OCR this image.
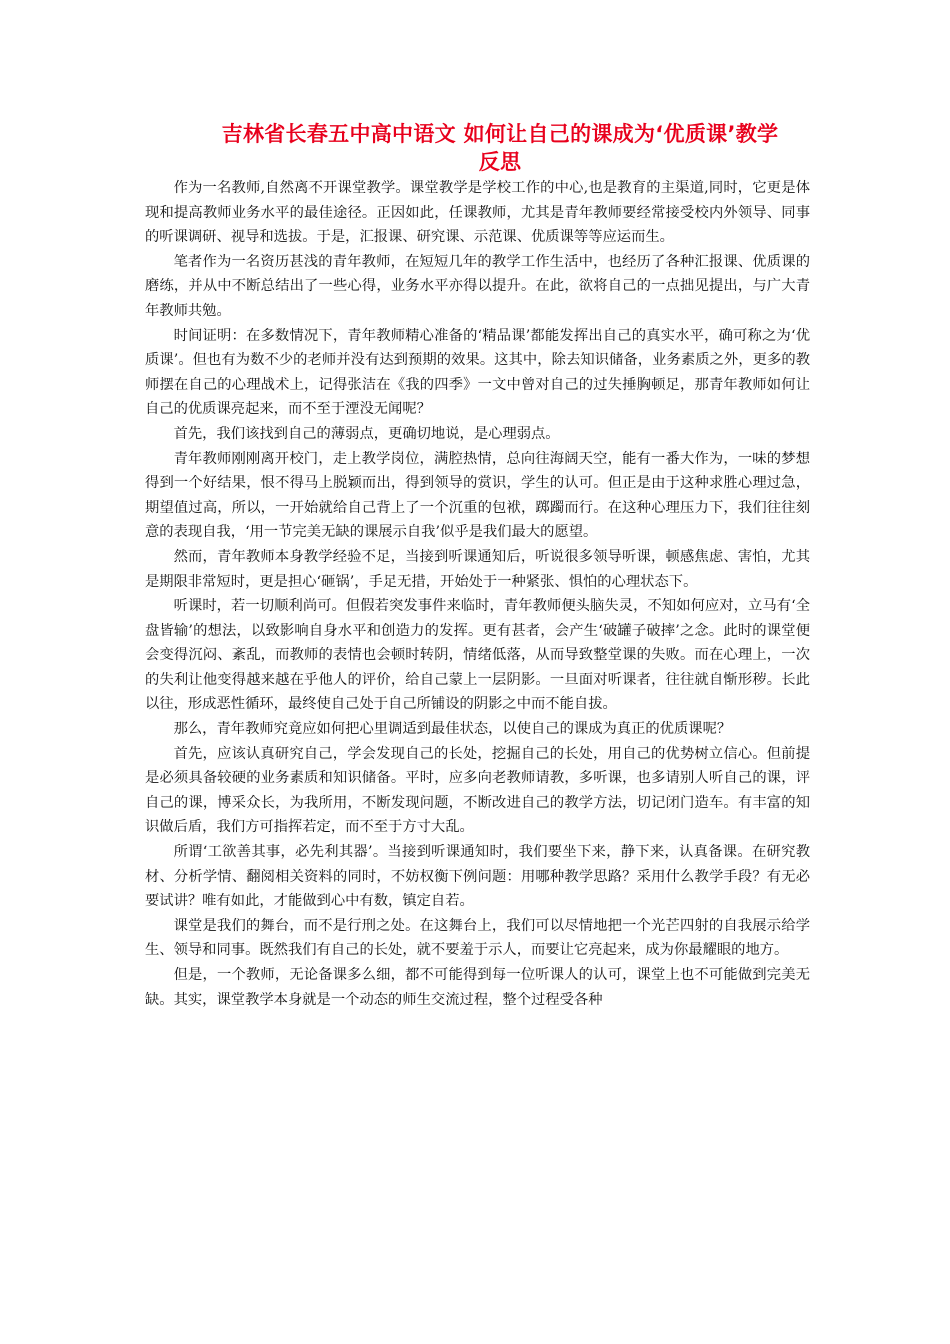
吉林省长春五中高中语文 如何让自己的课成为‘优质课’教学
反思

作为一名教师,自然离不开课堂教学。课堂教学是学校工作的中心,也是教育的主渠道,同时，它更是体现和提高教师业务水平的最佳途径。正因如此，任课教师，尤其是青年教师要经常接受校内外领导、同事的听课调研、视导和选拔。于是，汇报课、研究课、示范课、优质课等等应运而生。

笔者作为一名资历甚浅的青年教师，在短短几年的教学工作生活中，也经历了各种汇报课、优质课的磨练，并从中不断总结出了一些心得，业务水平亦得以提升。在此，欲将自己的一点拙见提出，与广大青年教师共勉。

时间证明：在多数情况下，青年教师精心准备的‘精品课’都能发挥出自己的真实水平，确可称之为‘优质课’。但也有为数不少的老师并没有达到预期的效果。这其中，除去知识储备，业务素质之外，更多的教师摆在自己的心理战术上，记得张洁在《我的四季》一文中曾对自己的过失捶胸顿足，那青年教师如何让自己的优质课亮起来，而不至于湮没无闻呢？

首先，我们该找到自己的薄弱点，更确切地说，是心理弱点。

青年教师刚刚离开校门，走上教学岗位，满腔热情，总向往海阔天空，能有一番大作为，一味的梦想得到一个好结果，恨不得马上脱颖而出，得到领导的赏识，学生的认可。但正是由于这种求胜心理过急，期望值过高，所以，一开始就给自己背上了一个沉重的包袱，踯躅而行。在这种心理压力下，我们往往刻意的表现自我，‘用一节完美无缺的课展示自我’似乎是我们最大的愿望。

然而，青年教师本身教学经验不足，当接到听课通知后，听说很多领导听课，顿感焦虑、害怕，尤其是期限非常短时，更是担心‘砸锅’，手足无措，开始处于一种紧张、惧怕的心理状态下。

听课时，若一切顺利尚可。但假若突发事件来临时，青年教师便头脑失灵，不知如何应对，立马有‘全盘皆输’的想法，以致影响自身水平和创造力的发挥。更有甚者，会产生‘破罐子破摔’之念。此时的课堂便会变得沉闷、紊乱，而教师的表情也会顿时转阴，情绪低落，从而导致整堂课的失败。而在心理上，一次的失利让他变得越来越在乎他人的评价，给自己蒙上一层阴影。一旦面对听课者，往往就自惭形秽。长此以往，形成恶性循环，最终使自己处于自己所铺设的阴影之中而不能自拔。

那么，青年教师究竟应如何把心里调适到最佳状态，以使自己的课成为真正的优质课呢？

首先，应该认真研究自己，学会发现自己的长处，挖掘自己的长处，用自己的优势树立信心。但前提是必须具备较硬的业务素质和知识储备。平时，应多向老教师请教，多听课，也多请别人听自己的课，评自己的课，博采众长，为我所用，不断发现问题，不断改进自己的教学方法，切记闭门造车。有丰富的知识做后盾，我们方可指挥若定，而不至于方寸大乱。

所谓‘工欲善其事，必先利其器’。当接到听课通知时，我们要坐下来，静下来，认真备课。在研究教材、分析学情、翻阅相关资料的同时，不妨权衡下例问题：用哪种教学思路？采用什么教学手段？有无必要试讲？唯有如此，才能做到心中有数，镇定自若。

课堂是我们的舞台，而不是行刑之处。在这舞台上，我们可以尽情地把一个光芒四射的自我展示给学生、领导和同事。既然我们有自己的长处，就不要羞于示人，而要让它亮起来，成为你最耀眼的地方。

但是，一个教师，无论备课多么细，都不可能得到每一位听课人的认可，课堂上也不可能做到完美无缺。其实，课堂教学本身就是一个动态的师生交流过程，整个过程受各种
